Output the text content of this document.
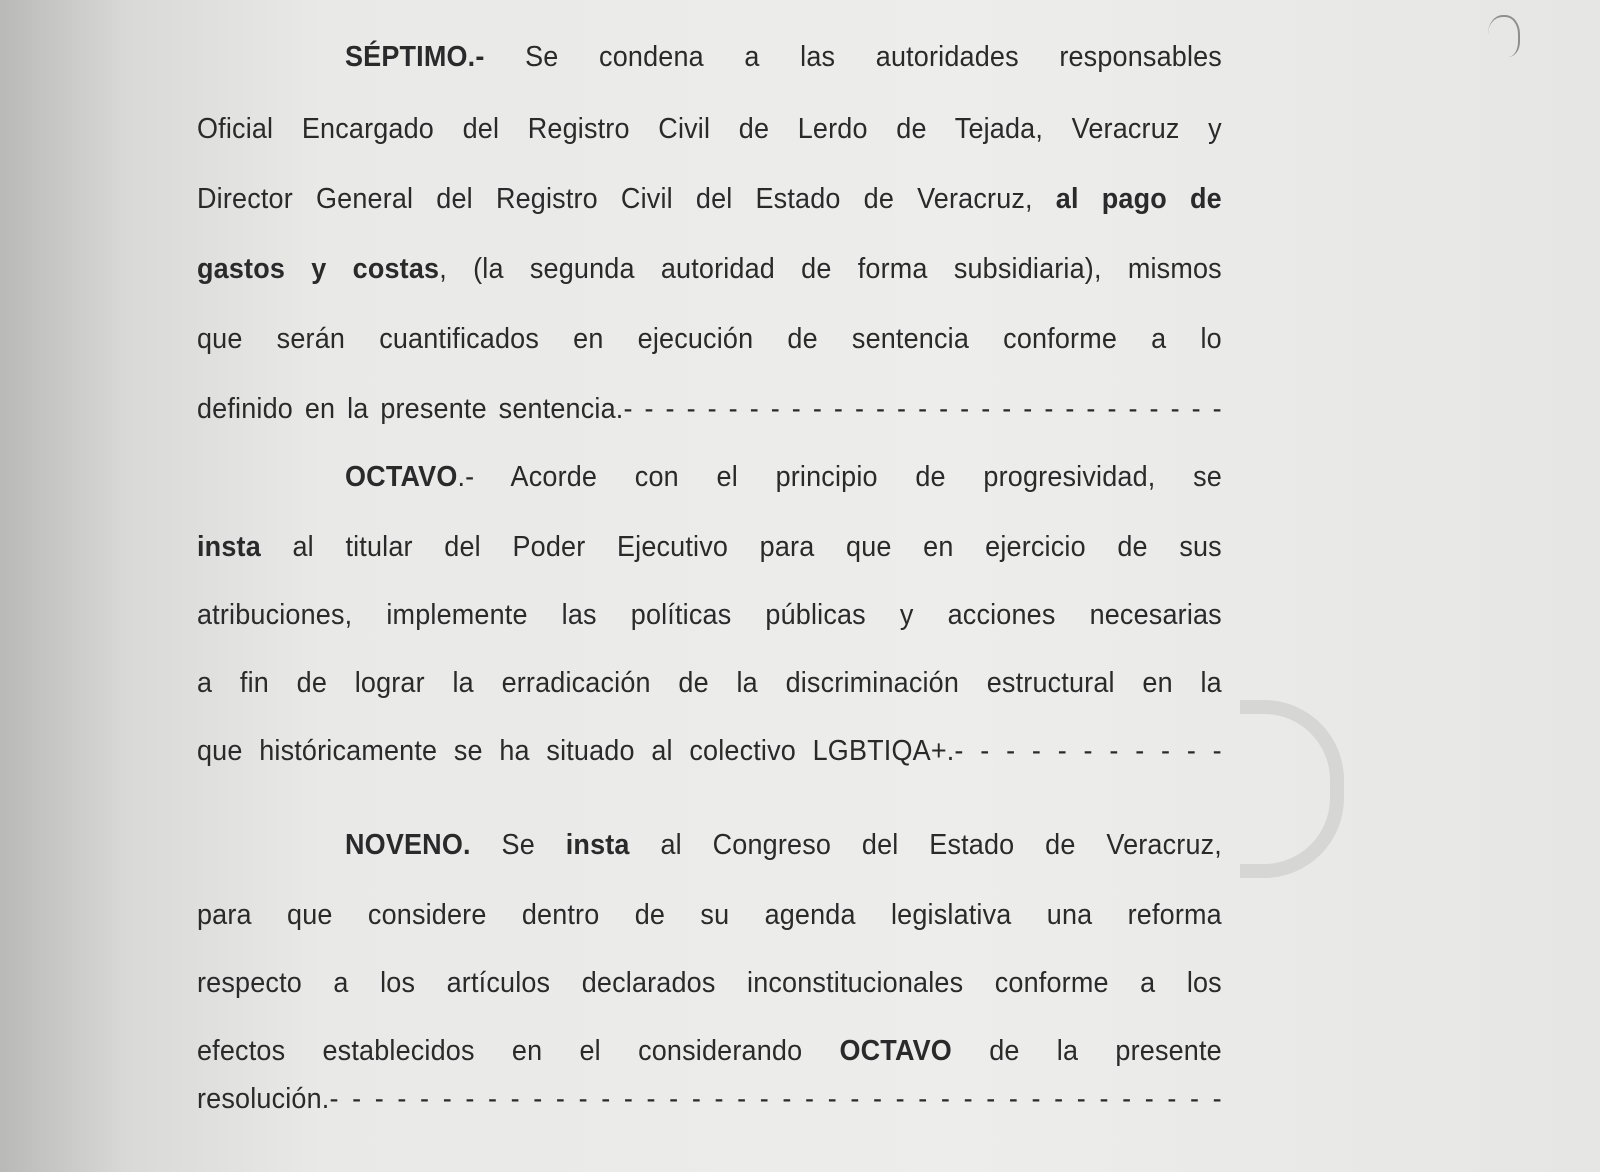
SÉPTIMO.- Se condena a las autoridades responsables
Oficial Encargado del Registro Civil de Lerdo de Tejada, Veracruz y
Director General del Registro Civil del Estado de Veracruz, al pago de
gastos y costas, (la segunda autoridad de forma subsidiaria), mismos
que serán cuantificados en ejecución de sentencia conforme a lo
definido en la presente sentencia.- - - - - - - - - - - - - - - - - - - - - - - - - - - - -
OCTAVO.- Acorde con el principio de progresividad, se
insta al titular del Poder Ejecutivo para que en ejercicio de sus
atribuciones, implemente las políticas públicas y acciones necesarias
a fin de lograr la erradicación de la discriminación estructural en la
que históricamente se ha situado al colectivo LGBTIQA+.- - - - - - - - - - -
NOVENO. Se insta al Congreso del Estado de Veracruz,
para que considere dentro de su agenda legislativa una reforma
respecto a los artículos declarados inconstitucionales conforme a los
efectos establecidos en el considerando OCTAVO de la presente
resolución.- - - - - - - - - - - - - - - - - - - - - - - - - - - - - - - - - - - - - - - -
